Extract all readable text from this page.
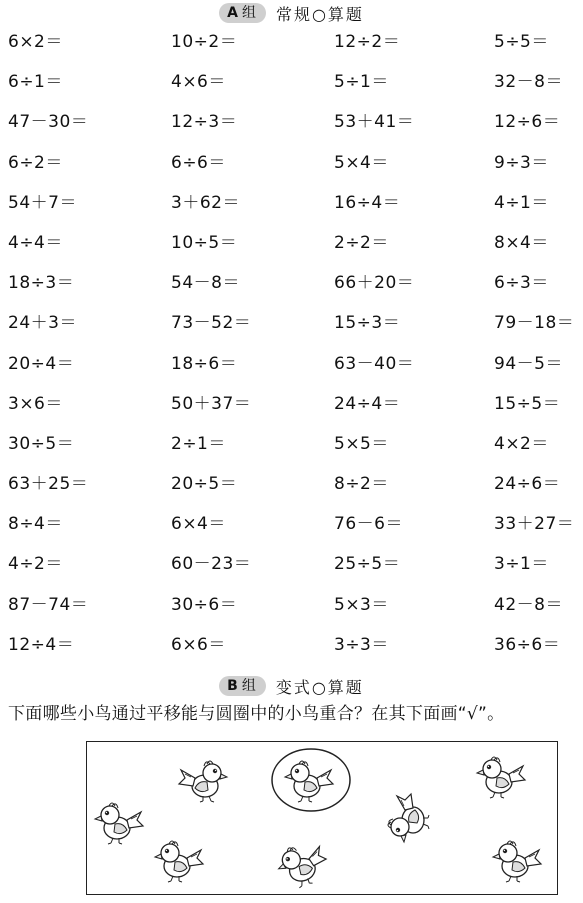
A 组 常规○算题
6×2＝	10÷2＝	12÷2＝	5÷5＝
6÷1＝	4×6＝	5÷1＝	32－8＝
47－30＝	12÷3＝	53＋41＝	12÷6＝
6÷2＝	6÷6＝	5×4＝	9÷3＝
54＋7＝	3＋62＝	16÷4＝	4÷1＝
4÷4＝	10÷5＝	2÷2＝	8×4＝
18÷3＝	54－8＝	66＋20＝	6÷3＝
24＋3＝	73－52＝	15÷3＝	79－18＝
20÷4＝	18÷6＝	63－40＝	94－5＝
3×6＝	50＋37＝	24÷4＝	15÷5＝
30÷5＝	2÷1＝	5×5＝	4×2＝
63＋25＝	20÷5＝	8÷2＝	24÷6＝
8÷4＝	6×4＝	76－6＝	33＋27＝
4÷2＝	60－23＝	25÷5＝	3÷1＝
87－74＝	30÷6＝	5×3＝	42－8＝
12÷4＝	6×6＝	3÷3＝	36÷6＝
B 组 变式○算题
下面哪些小鸟通过平移能与圆圈中的小鸟重合？在其下面画“√”。
